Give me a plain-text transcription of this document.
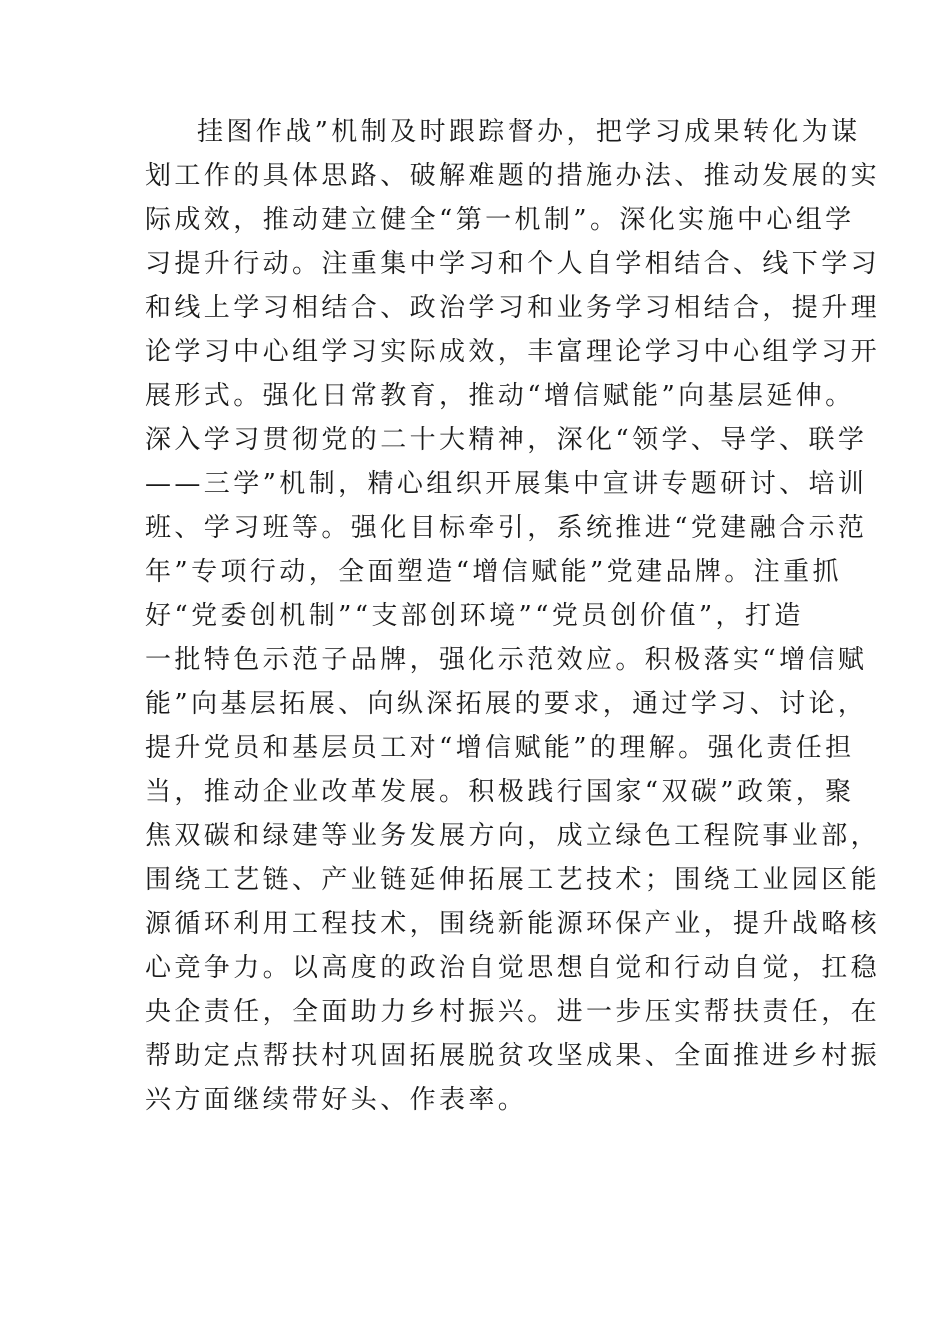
挂图作战”机制及时跟踪督办，把学习成果转化为谋
划工作的具体思路、破解难题的措施办法、推动发展的实
际成效，推动建立健全“第一机制”。深化实施中心组学
习提升行动。注重集中学习和个人自学相结合、线下学习
和线上学习相结合、政治学习和业务学习相结合，提升理
论学习中心组学习实际成效，丰富理论学习中心组学习开
展形式。强化日常教育，推动“增信赋能”向基层延伸。
深入学习贯彻党的二十大精神，深化“领学、导学、联学
——三学”机制，精心组织开展集中宣讲专题研讨、培训
班、学习班等。强化目标牵引，系统推进“党建融合示范
年”专项行动，全面塑造“增信赋能”党建品牌。注重抓
好“党委创机制”“支部创环境”“党员创价值”，打造
一批特色示范子品牌，强化示范效应。积极落实“增信赋
能”向基层拓展、向纵深拓展的要求，通过学习、讨论，
提升党员和基层员工对“增信赋能”的理解。强化责任担
当，推动企业改革发展。积极践行国家“双碳”政策，聚
焦双碳和绿建等业务发展方向，成立绿色工程院事业部，
围绕工艺链、产业链延伸拓展工艺技术；围绕工业园区能
源循环利用工程技术，围绕新能源环保产业，提升战略核
心竞争力。以高度的政治自觉思想自觉和行动自觉，扛稳
央企责任，全面助力乡村振兴。进一步压实帮扶责任，在
帮助定点帮扶村巩固拓展脱贫攻坚成果、全面推进乡村振
兴方面继续带好头、作表率。
